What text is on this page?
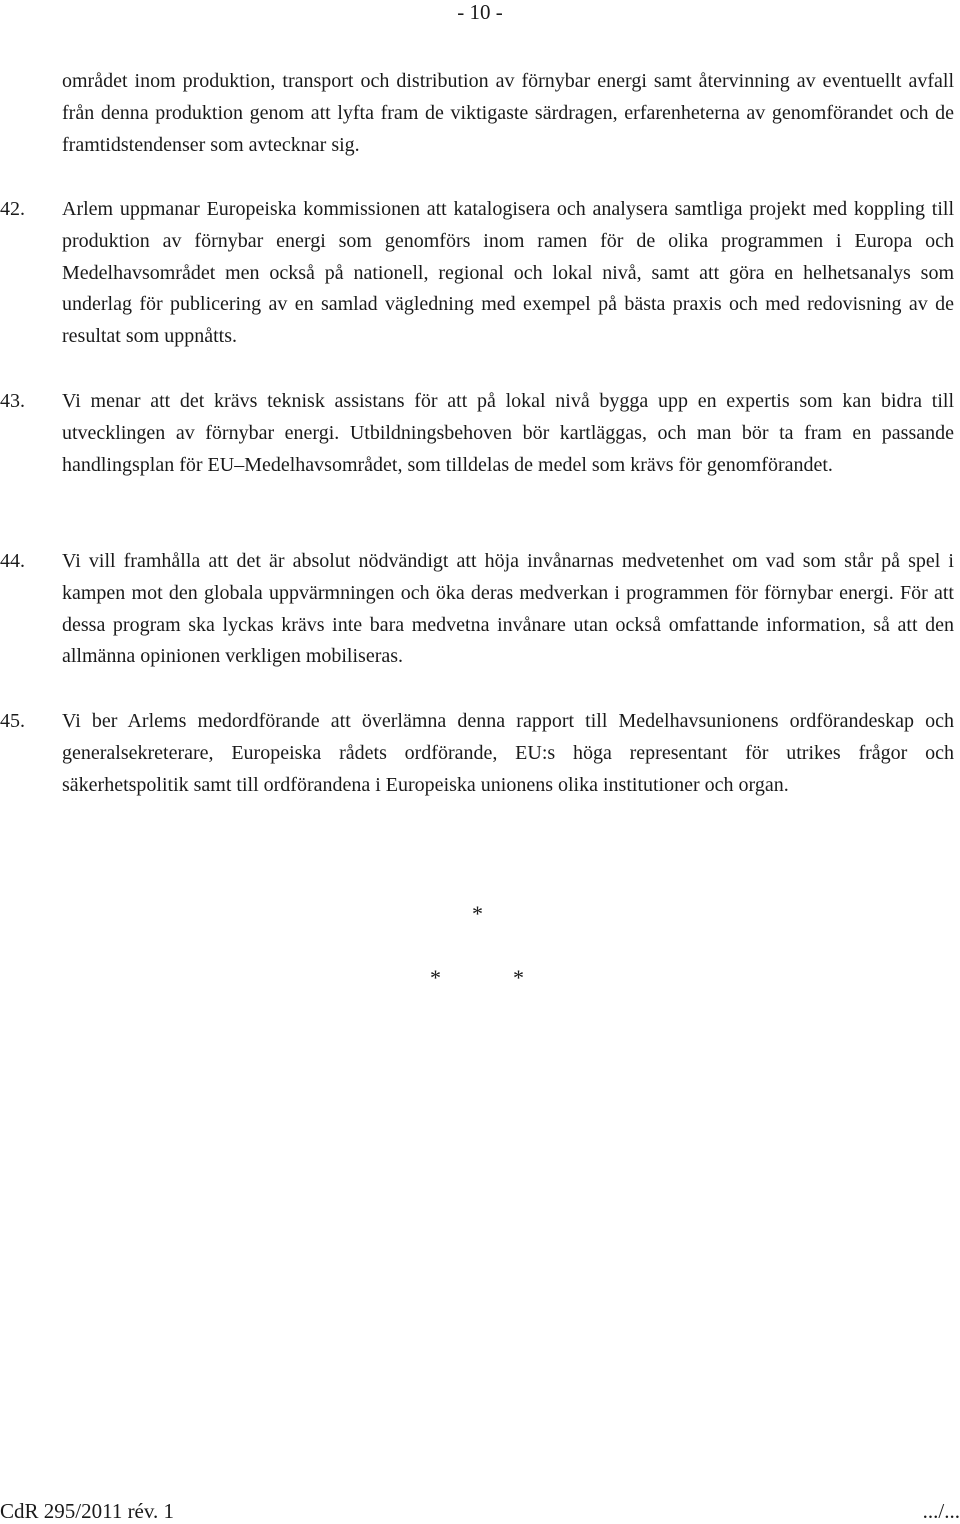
- 10 -

området inom produktion, transport och distribution av förnybar energi samt återvinning av eventuellt avfall från denna produktion genom att lyfta fram de viktigaste särdragen, erfarenheterna av genomförandet och de framtidstendenser som avtecknar sig.

42.	Arlem uppmanar Europeiska kommissionen att katalogisera och analysera samtliga projekt med koppling till produktion av förnybar energi som genomförs inom ramen för de olika programmen i Europa och Medelhavsområdet men också på nationell, regional och lokal nivå, samt att göra en helhetsanalys som underlag för publicering av en samlad vägledning med exempel på bästa praxis och med redovisning av de resultat som uppnåtts.
43.	Vi menar att det krävs teknisk assistans för att på lokal nivå bygga upp en expertis som kan bidra till utvecklingen av förnybar energi. Utbildningsbehoven bör kartläggas, och man bör ta fram en passande handlingsplan för EU–Medelhavsområdet, som tilldelas de medel som krävs för genomförandet.
44.	Vi vill framhålla att det är absolut nödvändigt att höja invånarnas medvetenhet om vad som står på spel i kampen mot den globala uppvärmningen och öka deras medverkan i programmen för förnybar energi. För att dessa program ska lyckas krävs inte bara medvetna invånare utan också omfattande information, så att den allmänna opinionen verkligen mobiliseras.
45.	Vi ber Arlems medordförande att överlämna denna rapport till Medelhavsunionens ordförandeskap och generalsekreterare, Europeiska rådets ordförande, EU:s höga representant för utrikes frågor och säkerhetspolitik samt till ordförandena i Europeiska unionens olika institutioner och organ.
*
*	*
CdR 295/2011 rév. 1	.../...
